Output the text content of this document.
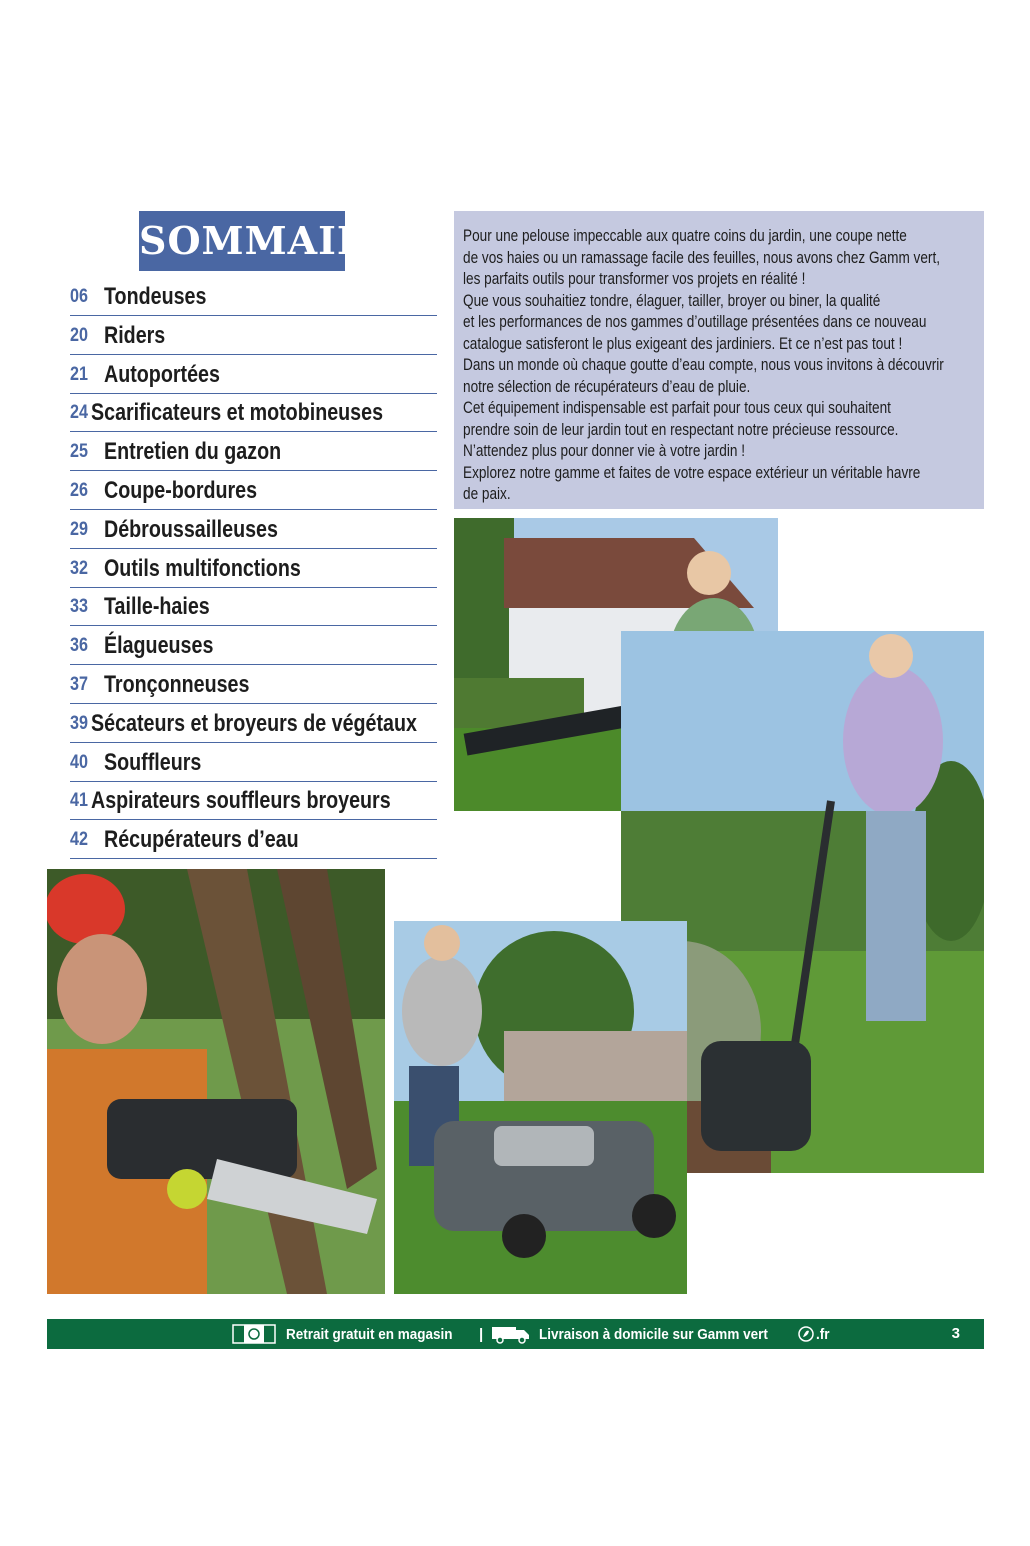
SOMMAIRE
06 Tondeuses
20 Riders
21 Autoportées
24 Scarificateurs et motobineuses
25 Entretien du gazon
26 Coupe-bordures
29 Débroussailleuses
32 Outils multifonctions
33 Taille-haies
36 Élagueuses
37 Tronçonneuses
39 Sécateurs et broyeurs de végétaux
40 Souffleurs
41 Aspirateurs souffleurs broyeurs
42 Récupérateurs d’eau

Pour une pelouse impeccable aux quatre coins du jardin, une coupe nette
de vos haies ou un ramassage facile des feuilles, nous avons chez Gamm vert,
les parfaits outils pour transformer vos projets en réalité !
Que vous souhaitiez tondre, élaguer, tailler, broyer ou biner, la qualité
et les performances de nos gammes d’outillage présentées dans ce nouveau
catalogue satisferont le plus exigeant des jardiniers. Et ce n’est pas tout !
Dans un monde où chaque goutte d’eau compte, nous vous invitons à découvrir
notre sélection de récupérateurs d’eau de pluie.
Cet équipement indispensable est parfait pour tous ceux qui souhaitent
prendre soin de leur jardin tout en respectant notre précieuse ressource.
N’attendez plus pour donner vie à votre jardin !
Explorez notre gamme et faites de votre espace extérieur un véritable havre
de paix.

Retrait gratuit en magasin |	Livraison à domicile sur Gamm vert	.fr	3
